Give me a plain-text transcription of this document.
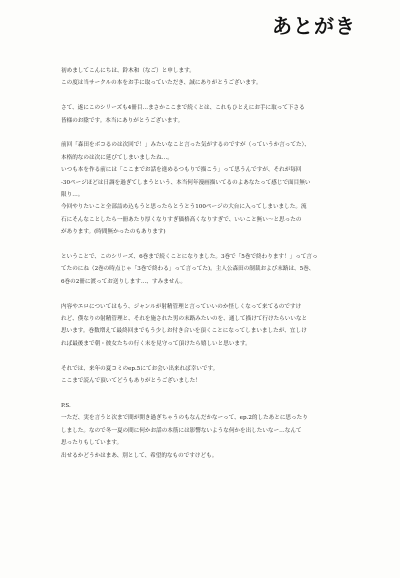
あとがき
初めましてこんにちは、鈴木和（なご）と申します。
この度は当サークルの本をお手に取っていただき、誠にありがとうございます。
さて、遂にこのシリーズも4冊目…まさかここまで続くとは、これもひとえにお手に取って下さる
皆様のお陰です。本当にありがとうございます。
前回「森田をボコるのは次回で！」みたいなこと言った気がするのですが（っていうか言ってた）、
本格的なのは次に延びてしまいましたね…。
いつも本を作る前には「ここまでお話を進めるつもりで描こう」って思うんですが、それが毎回
-30ページほどは日調を過ぎてしまうという、本当何年漫画描いてるのよあなたって感じで面目無い
限り…。
今回やりたいこと全部詰め込もうと思ったらとうとう100ページの大台に入ってしまいました。流
石にそんなことしたら一冊あたり厚くなりすぎ価格高くなりすぎで、いいこと無い～と思ったの
があります。(時間無かったのもあります)
ということで、このシリーズ、6巻まで続くことになりました。3巻で「5巻で終わります！」って言っ
てたのにね（2巻の時点じゃ「3巻で終わる」って言ってた)。主人公森田の制裁および末路は、5巻、
6巻の2冊に渡ってお送りします…、すみません。
内容やエロについてはもう、ジャンルが射精管理と言っていいのか怪しくなって来てるのですけ
れど、僕なりの射精管理と、それを施された男の末路みたいのを、通して描けて行けたらいいなと
思います。巻数増えて最終回までもう少しお付き合いを頂くことになってしまいましたが、宜しけ
れば最後まで朝・彼女たちの行く末を見守って頂けたら嬉しいと思います。
それでは、来年の夏コミのep.5にてお会い出来れば幸いです。
ここまで読んで頂いてどうもありがとうございました！
P.S.
一ただ、実を言うと次まで間が開き過ぎちゃうのもなんだかなーって、ep.2的したあとに思ったり
しました。なので冬一夏の間に何かお話の本筋には影響ないような何かを出したいなー…なんて
思ったりもしています。
出せるかどうかはまあ、別として、希望的なものですけども。
